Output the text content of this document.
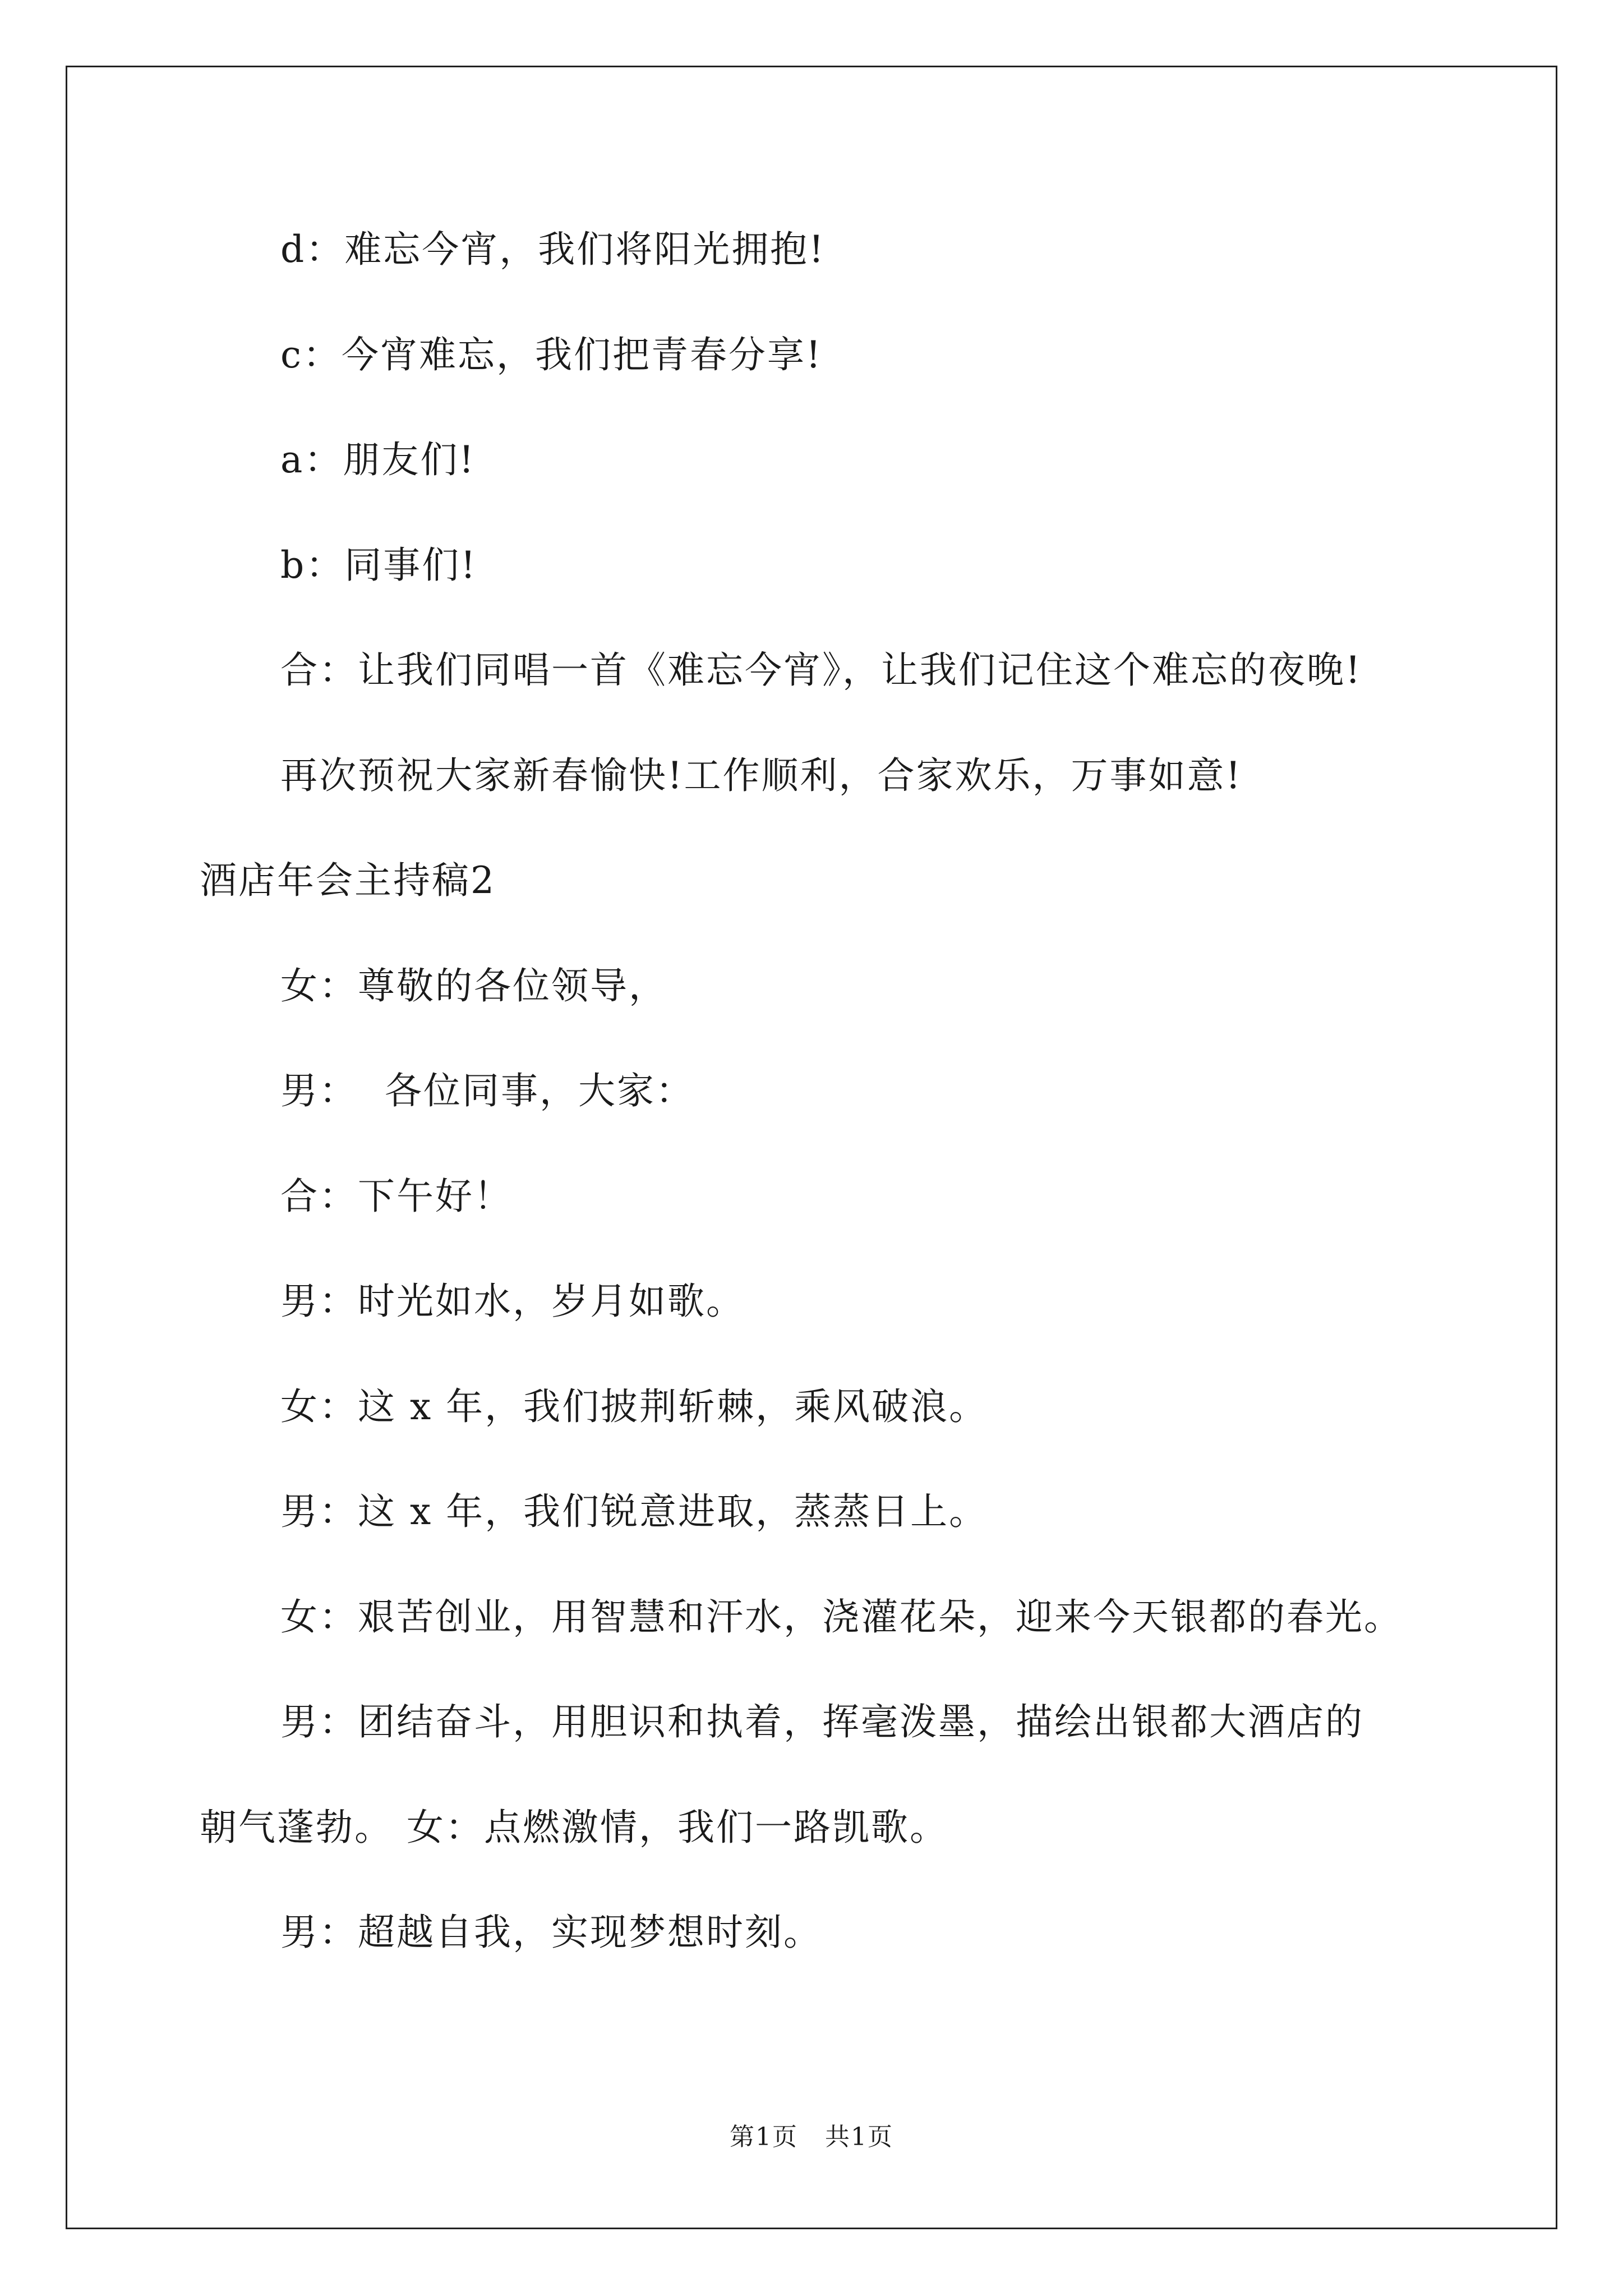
d：难忘今宵，我们将阳光拥抱!
c：今宵难忘，我们把青春分享!
a：朋友们!
b：同事们!
合：让我们同唱一首《难忘今宵》，让我们记住这个难忘的夜晚!
再次预祝大家新春愉快!工作顺利，合家欢乐，万事如意!
酒店年会主持稿2
女：尊敬的各位领导，
男：  各位同事，大家：
合：下午好！
男：时光如水，岁月如歌。
女：这 x 年，我们披荆斩棘，乘风破浪。
男：这 x 年，我们锐意进取，蒸蒸日上。
女：艰苦创业，用智慧和汗水，浇灌花朵，迎来今天银都的春光。
男：团结奋斗，用胆识和执着，挥毫泼墨，描绘出银都大酒店的
朝气蓬勃。 女：点燃激情，我们一路凯歌。
男：超越自我，实现梦想时刻。
第1页   共1页
